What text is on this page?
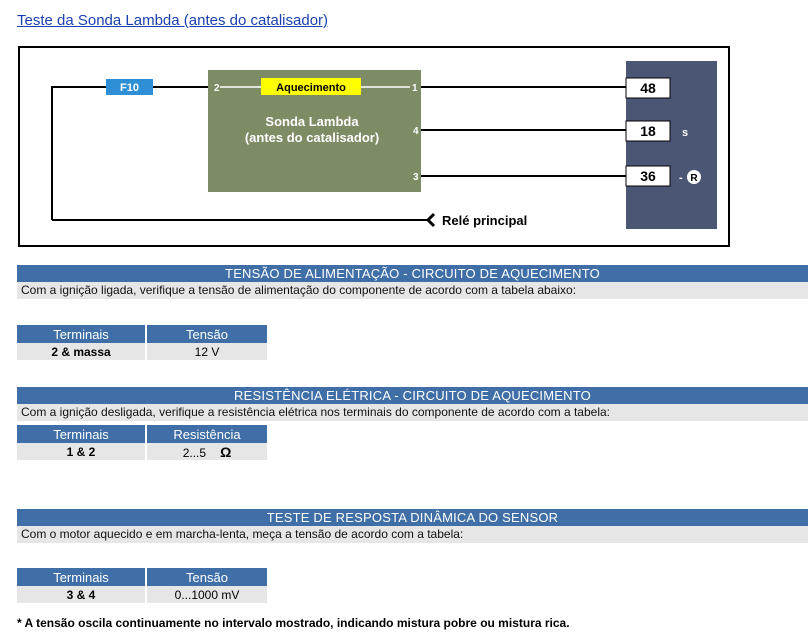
Teste da Sonda Lambda (antes do catalisador)
F10	Aquecimento
Sonda Lambda
(antes do catalisador)
2	1
4
3
48
18 s
36 - R
Relé principal
TENSÃO DE ALIMENTAÇÃO - CIRCUITO DE AQUECIMENTO
Com a ignição ligada, verifique a tensão de alimentação do componente de acordo com a tabela abaixo:
Terminais	Tensão
2 & massa	12 V
RESISTÊNCIA ELÉTRICA - CIRCUITO DE AQUECIMENTO
Com a ignição desligada, verifique a resistência elétrica nos terminais do componente de acordo com a tabela:
Terminais	Resistência
1 & 2	2...5 Ω
TESTE DE RESPOSTA DINÂMICA DO SENSOR
Com o motor aquecido e em marcha-lenta, meça a tensão de acordo com a tabela:
Terminais	Tensão
3 & 4	0...1000 mV
* A tensão oscila continuamente no intervalo mostrado, indicando mistura pobre ou mistura rica.
